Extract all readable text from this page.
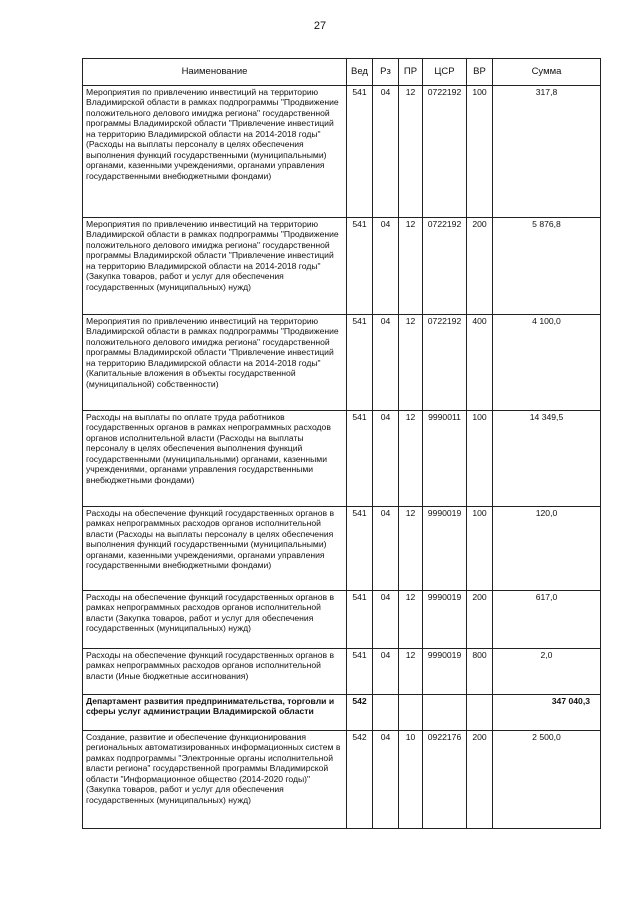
27
Наименование	Вед	Рз	ПР	ЦСР	ВР	Сумма
Мероприятия по привлечению инвестиций на территорию Владимирской области в рамках подпрограммы "Продвижение положительного делового имиджа региона" государственной программы Владимирской области "Привлечение инвестиций на территорию Владимирской области на 2014-2018 годы" (Расходы на выплаты персоналу в целях обеспечения выполнения функций государственными (муниципальными) органами, казенными учреждениями, органами управления государственными внебюджетными фондами)	541	04	12	0722192	100	317,8
Мероприятия по привлечению инвестиций на территорию Владимирской области в рамках подпрограммы "Продвижение положительного делового имиджа региона" государственной программы Владимирской области "Привлечение инвестиций на территорию Владимирской области на 2014-2018 годы" (Закупка товаров, работ и услуг для обеспечения государственных (муниципальных) нужд)	541	04	12	0722192	200	5 876,8
Мероприятия по привлечению инвестиций на территорию Владимирской области в рамках подпрограммы "Продвижение положительного делового имиджа региона" государственной программы Владимирской области "Привлечение инвестиций на территорию Владимирской области на 2014-2018 годы" (Капитальные вложения в объекты государственной (муниципальной) собственности)	541	04	12	0722192	400	4 100,0
Расходы на выплаты по оплате труда работников государственных органов в рамках непрограммных расходов органов исполнительной власти (Расходы на выплаты персоналу в целях обеспечения выполнения функций государственными (муниципальными) органами, казенными учреждениями, органами управления государственными внебюджетными фондами)	541	04	12	9990011	100	14 349,5
Расходы на обеспечение функций государственных органов в рамках непрограммных расходов органов исполнительной власти (Расходы на выплаты персоналу в целях обеспечения выполнения функций государственными (муниципальными) органами, казенными учреждениями, органами управления государственными внебюджетными фондами)	541	04	12	9990019	100	120,0
Расходы на обеспечение функций государственных органов в рамках непрограммных расходов органов исполнительной власти (Закупка товаров, работ и услуг для обеспечения государственных (муниципальных) нужд)	541	04	12	9990019	200	617,0
Расходы на обеспечение функций государственных органов в рамках непрограммных расходов органов исполнительной власти (Иные бюджетные ассигнования)	541	04	12	9990019	800	2,0
Департамент развития предпринимательства, торговли и сферы услуг администрации Владимирской области	542					347 040,3
Создание, развитие и обеспечение функционирования региональных автоматизированных информационных систем в рамках подпрограммы "Электронные органы исполнительной власти региона" государственной программы Владимирской области "Информационное общество (2014-2020 годы)" (Закупка товаров, работ и услуг для обеспечения государственных (муниципальных) нужд)	542	04	10	0922176	200	2 500,0
